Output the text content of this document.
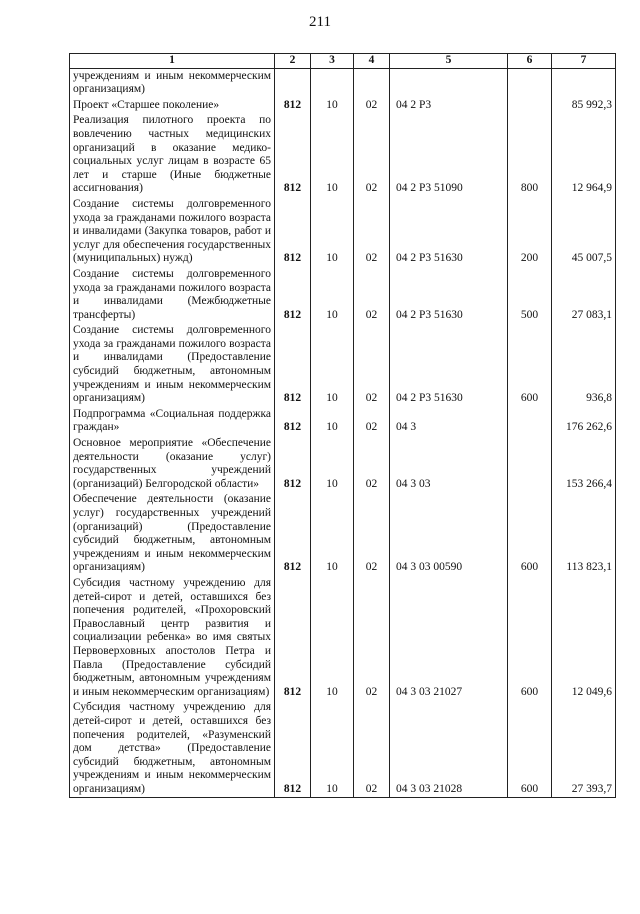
211
1	2	3	4	5	6	7
учреждениям и иным некоммерческим организациям)						
Проект «Старшее поколение»	812	10	02	04 2 Р3		85 992,3
Реализация пилотного проекта по вовлечению частных медицинских организаций в оказание медико-социальных услуг лицам в возрасте 65 лет и старше (Иные бюджетные ассигнования)	812	10	02	04 2 Р3 51090	800	12 964,9
Создание системы долговременного ухода за гражданами пожилого возраста и инвалидами (Закупка товаров, работ и услуг для обеспечения государственных (муниципальных) нужд)	812	10	02	04 2 Р3 51630	200	45 007,5
Создание системы долговременного ухода за гражданами пожилого возраста и инвалидами (Межбюджетные трансферты)	812	10	02	04 2 Р3 51630	500	27 083,1
Создание системы долговременного ухода за гражданами пожилого возраста и инвалидами (Предоставление субсидий бюджетным, автономным учреждениям и иным некоммерческим организациям)	812	10	02	04 2 Р3 51630	600	936,8
Подпрограмма «Социальная поддержка граждан»	812	10	02	04 3		176 262,6
Основное мероприятие «Обеспечение деятельности (оказание услуг) государственных учреждений (организаций) Белгородской области»	812	10	02	04 3 03		153 266,4
Обеспечение деятельности (оказание услуг) государственных учреждений (организаций) (Предоставление субсидий бюджетным, автономным учреждениям и иным некоммерческим организациям)	812	10	02	04 3 03 00590	600	113 823,1
Субсидия частному учреждению для детей-сирот и детей, оставшихся без попечения родителей, «Прохоровский Православный центр развития и социализации ребенка» во имя святых Первоверховных апостолов Петра и Павла (Предоставление субсидий бюджетным, автономным учреждениям и иным некоммерческим организациям)	812	10	02	04 3 03 21027	600	12 049,6
Субсидия частному учреждению для детей-сирот и детей, оставшихся без попечения родителей, «Разуменский дом детства» (Предоставление субсидий бюджетным, автономным учреждениям и иным некоммерческим организациям)	812	10	02	04 3 03 21028	600	27 393,7
